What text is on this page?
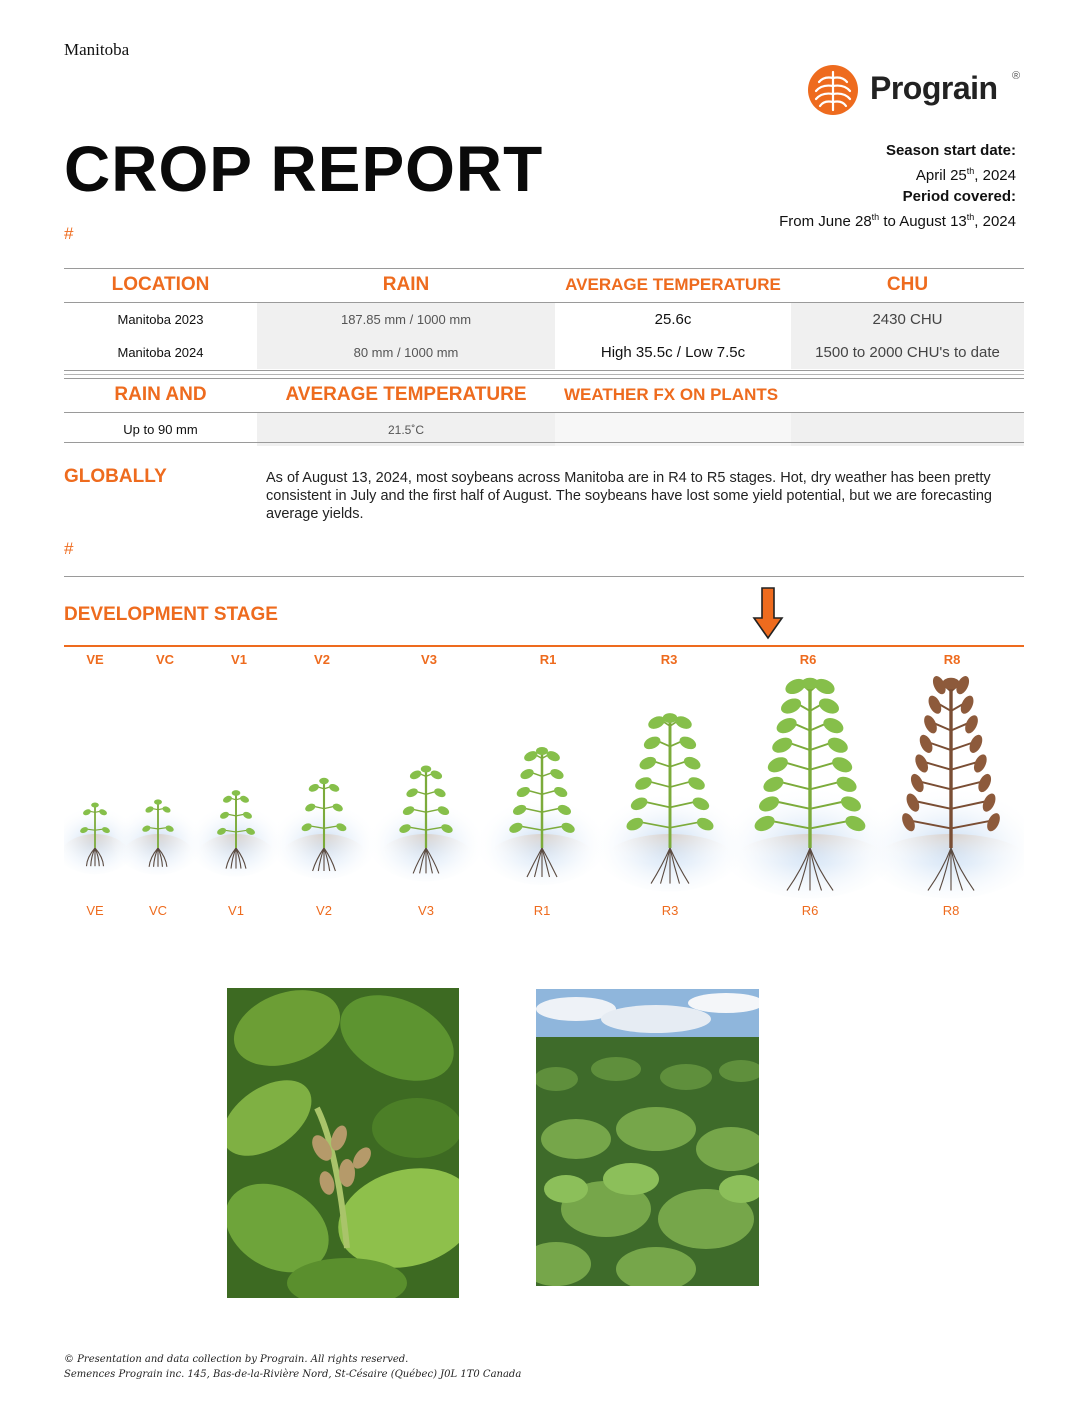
Manitoba
Prograin ®
CROP REPORT	Season start date:
April 25th, 2024
Period covered:
From June 28th to August 13th, 2024
#
LOCATION	RAIN	AVERAGE TEMPERATURE	CHU
Manitoba 2023	187.85 mm / 1000 mm	25.6c	2430 CHU
Manitoba 2024	80 mm / 1000 mm	High 35.5c / Low 7.5c	1500 to 2000 CHU's to date
RAIN AND	AVERAGE TEMPERATURE	WEATHER FX ON PLANTS	
Up to 90 mm	21.5˚C		
GLOBALLY	As of August 13, 2024, most soybeans across Manitoba are in R4 to R5 stages. Hot, dry weather has been pretty consistent in July and the first half of August. The soybeans have lost some yield potential, but we are forecasting average yields.
#
DEVELOPMENT STAGE
© Presentation and data collection by Prograin. All rights reserved.
Semences Prograin inc. 145, Bas-de-la-Rivière Nord, St-Césaire (Québec) J0L 1T0 Canada
VE
VE
VC
VC
V1
V1
V2
V2
V3
V3
R1
R1
R3
R3
R6
R6
R8
R8
